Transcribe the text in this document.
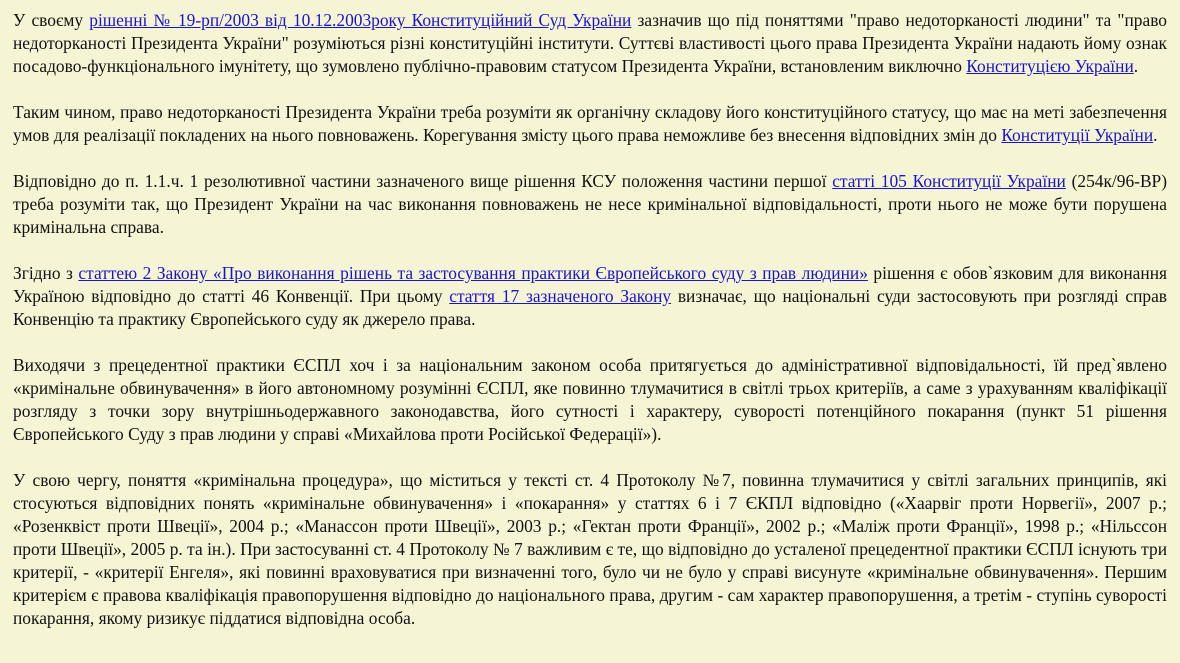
У своєму рішенні № 19-рп/2003 від 10.12.2003року Конституційний Суд України зазначив що під поняттями "право недоторканості людини" та "право недоторканості Президента України" розуміються різні конституційні інститути. Суттєві властивості цього права Президента України надають йому ознак посадово-функціонального імунітету, що зумовлено публічно-правовим статусом Президента України, встановленим виключно Конституцією України.

Таким чином, право недоторканості Президента України треба розуміти як органічну складову його конституційного статусу, що має на меті забезпечення умов для реалізації покладених на нього повноважень. Корегування змісту цього права неможливе без внесення відповідних змін до Конституції України.

Відповідно до п. 1.1.ч. 1 резолютивної частини зазначеного вище рішення КСУ положення частини першої статті 105 Конституції України (254к/96-ВР) треба розуміти так, що Президент України на час виконання повноважень не несе кримінальної відповідальності, проти нього не може бути порушена кримінальна справа.

Згідно з статтею 2 Закону «Про виконання рішень та застосування практики Європейського суду з прав людини» рішення є обов`язковим для виконання Україною відповідно до статті 46 Конвенції. При цьому стаття 17 зазначеного Закону визначає, що національні суди застосовують при розгляді справ Конвенцію та практику Європейського суду як джерело права.

Виходячи з прецедентної практики ЄСПЛ хоч і за національним законом особа притягується до адміністративної відповідальності, їй пред`явлено «кримінальне обвинувачення» в його автономному розумінні ЄСПЛ, яке повинно тлумачитися в світлі трьох критеріїв, а саме з урахуванням кваліфікації розгляду з точки зору внутрішньодержавного законодавства, його сутності і характеру, суворості потенційного покарання (пункт 51 рішення Європейського Суду з прав людини у справі «Михайлова проти Російської Федерації»).

У свою чергу, поняття «кримінальна процедура», що міститься у тексті ст. 4 Протоколу №7, повинна тлумачитися у світлі загальних принципів, які стосуються відповідних понять «кримінальне обвинувачення» і «покарання» у статтях 6 і 7 ЄКПЛ відповідно («Хаарвіг проти Норвегії», 2007 р.; «Розенквіст проти Швеції», 2004 р.; «Манассон проти Швеції», 2003 р.; «Гектан проти Франції», 2002 р.; «Маліж проти Франції», 1998 р.; «Нільссон проти Швеції», 2005 р. та ін.). При застосуванні ст. 4 Протоколу № 7 важливим є те, що відповідно до усталеної прецедентної практики ЄСПЛ існують три критерії, - «критерії Енгеля», які повинні враховуватися при визначенні того, було чи не було у справі висунуте «кримінальне обвинувачення». Першим критерієм є правова кваліфікація правопорушення відповідно до національного права, другим - сам характер правопорушення, а третім - ступінь суворості покарання, якому ризикує піддатися відповідна особа.
